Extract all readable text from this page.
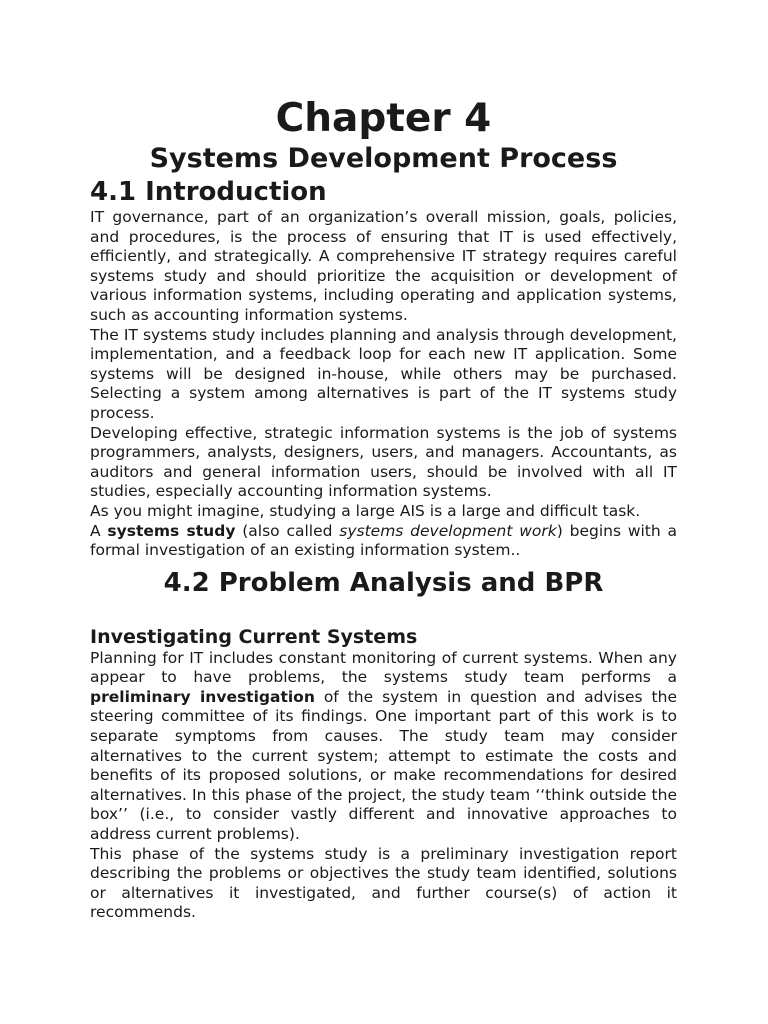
Chapter 4
Systems Development Process
4.1 Introduction

IT governance, part of an organization’s overall mission, goals, policies, and procedures, is the process of ensuring that IT is used effectively, efficiently, and strategically. A comprehensive IT strategy requires careful systems study and should prioritize the acquisition or development of various information systems, including operating and application systems, such as accounting information systems.

The IT systems study includes planning and analysis through development, implementation, and a feedback loop for each new IT application. Some systems will be designed in-house, while others may be purchased. Selecting a system among alternatives is part of the IT systems study process.

Developing effective, strategic information systems is the job of systems programmers, analysts, designers, users, and managers. Accountants, as auditors and general information users, should be involved with all IT studies, especially accounting information systems.

As you might imagine, studying a large AIS is a large and difficult task.

A systems study (also called systems development work) begins with a formal investigation of an existing information system..

4.2 Problem Analysis and BPR
Investigating Current Systems

Planning for IT includes constant monitoring of current systems. When any appear to have problems, the systems study team performs a preliminary investigation of the system in question and advises the steering committee of its findings. One important part of this work is to separate symptoms from causes. The study team may consider alternatives to the current system; attempt to estimate the costs and benefits of its proposed solutions, or make recommendations for desired alternatives. In this phase of the project, the study team ‘‘think outside the box’’ (i.e., to consider vastly different and innovative approaches to address current problems).

This phase of the systems study is a preliminary investigation report describing the problems or objectives the study team identified, solutions or alternatives it investigated, and further course(s) of action it recommends.
